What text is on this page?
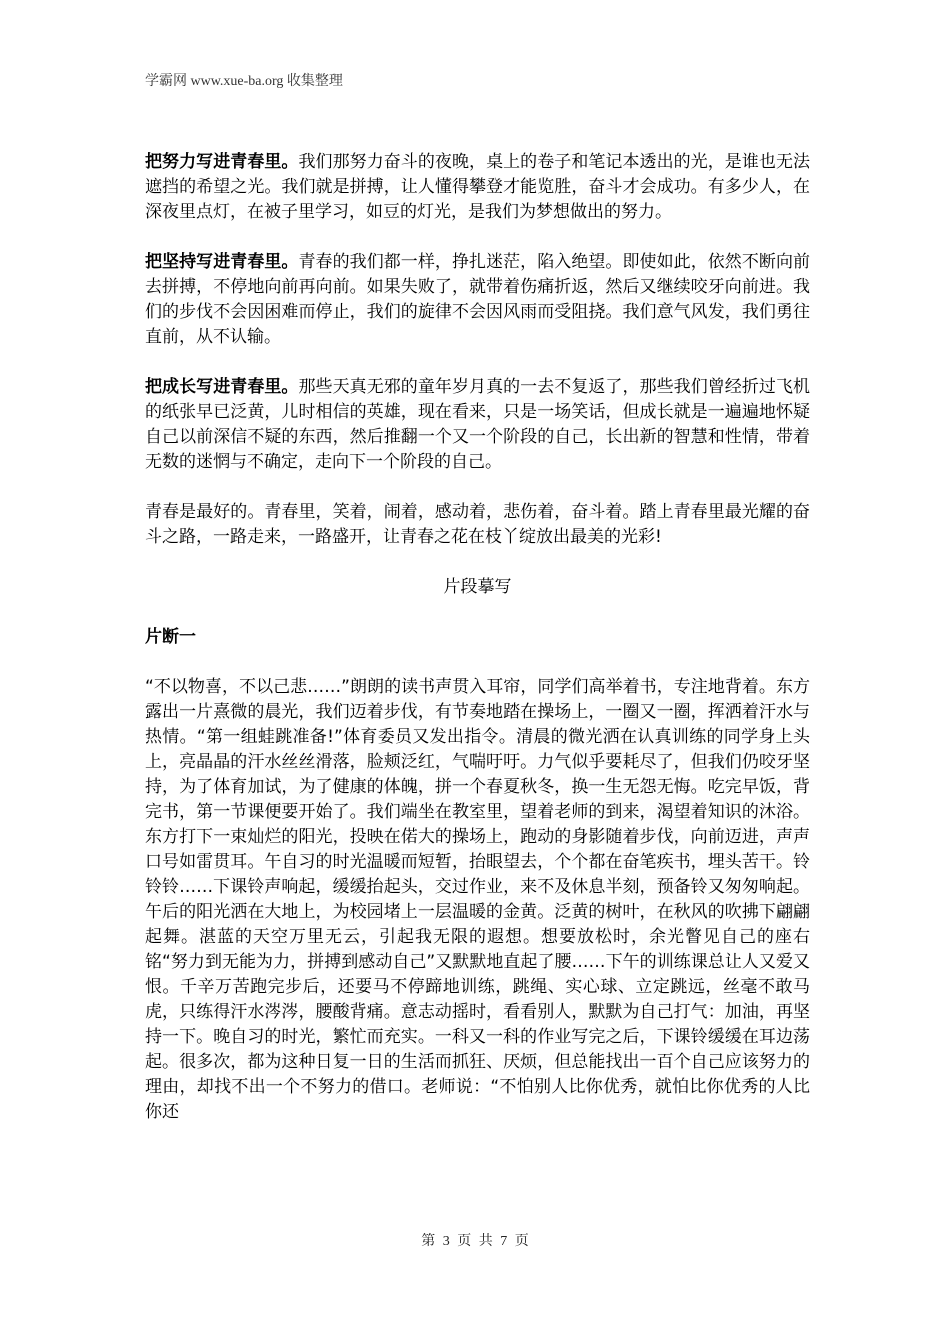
学霸网 www.xue-ba.org 收集整理

把努力写进青春里。我们那努力奋斗的夜晚，桌上的卷子和笔记本透出的光，是谁也无法遮挡的希望之光。我们就是拼搏，让人懂得攀登才能览胜，奋斗才会成功。有多少人，在深夜里点灯，在被子里学习，如豆的灯光，是我们为梦想做出的努力。

把坚持写进青春里。青春的我们都一样，挣扎迷茫，陷入绝望。即使如此，依然不断向前去拼搏，不停地向前再向前。如果失败了，就带着伤痛折返，然后又继续咬牙向前进。我们的步伐不会因困难而停止，我们的旋律不会因风雨而受阻挠。我们意气风发，我们勇往直前，从不认输。

把成长写进青春里。那些天真无邪的童年岁月真的一去不复返了，那些我们曾经折过飞机的纸张早已泛黄，儿时相信的英雄，现在看来，只是一场笑话，但成长就是一遍遍地怀疑自己以前深信不疑的东西，然后推翻一个又一个阶段的自己，长出新的智慧和性情，带着无数的迷惘与不确定，走向下一个阶段的自己。

青春是最好的。青春里，笑着，闹着，感动着，悲伤着，奋斗着。踏上青春里最光耀的奋斗之路，一路走来，一路盛开，让青春之花在枝丫绽放出最美的光彩!

片段摹写

片断一

“不以物喜，不以己悲……”朗朗的读书声贯入耳帘，同学们高举着书，专注地背着。东方露出一片熹微的晨光，我们迈着步伐，有节奏地踏在操场上，一圈又一圈，挥洒着汗水与热情。“第一组蛙跳准备!”体育委员又发出指令。清晨的微光洒在认真训练的同学身上头上，亮晶晶的汗水丝丝滑落，脸颊泛红，气喘吁吁。力气似乎要耗尽了，但我们仍咬牙坚持，为了体育加试，为了健康的体魄，拼一个春夏秋冬，换一生无怨无悔。吃完早饭，背完书，第一节课便要开始了。我们端坐在教室里，望着老师的到来，渴望着知识的沐浴。东方打下一束灿烂的阳光，投映在偌大的操场上，跑动的身影随着步伐，向前迈进，声声口号如雷贯耳。午自习的时光温暖而短暂，抬眼望去，个个都在奋笔疾书，埋头苦干。铃铃铃……下课铃声响起，缓缓抬起头，交过作业，来不及休息半刻，预备铃又匆匆响起。午后的阳光洒在大地上，为校园堵上一层温暖的金黄。泛黄的树叶，在秋风的吹拂下翩翩起舞。湛蓝的天空万里无云，引起我无限的遐想。想要放松时，余光瞥见自己的座右铭“努力到无能为力，拼搏到感动自己”又默默地直起了腰……下午的训练课总让人又爱又恨。千辛万苦跑完步后，还要马不停蹄地训练，跳绳、实心球、立定跳远，丝毫不敢马虎，只练得汗水涔涔，腰酸背痛。意志动摇时，看看别人，默默为自己打气：加油，再坚持一下。晚自习的时光，繁忙而充实。一科又一科的作业写完之后，下课铃缓缓在耳边荡起。很多次，都为这种日复一日的生活而抓狂、厌烦，但总能找出一百个自己应该努力的理由，却找不出一个不努力的借口。老师说：“不怕别人比你优秀，就怕比你优秀的人比你还

第 3 页 共 7 页
